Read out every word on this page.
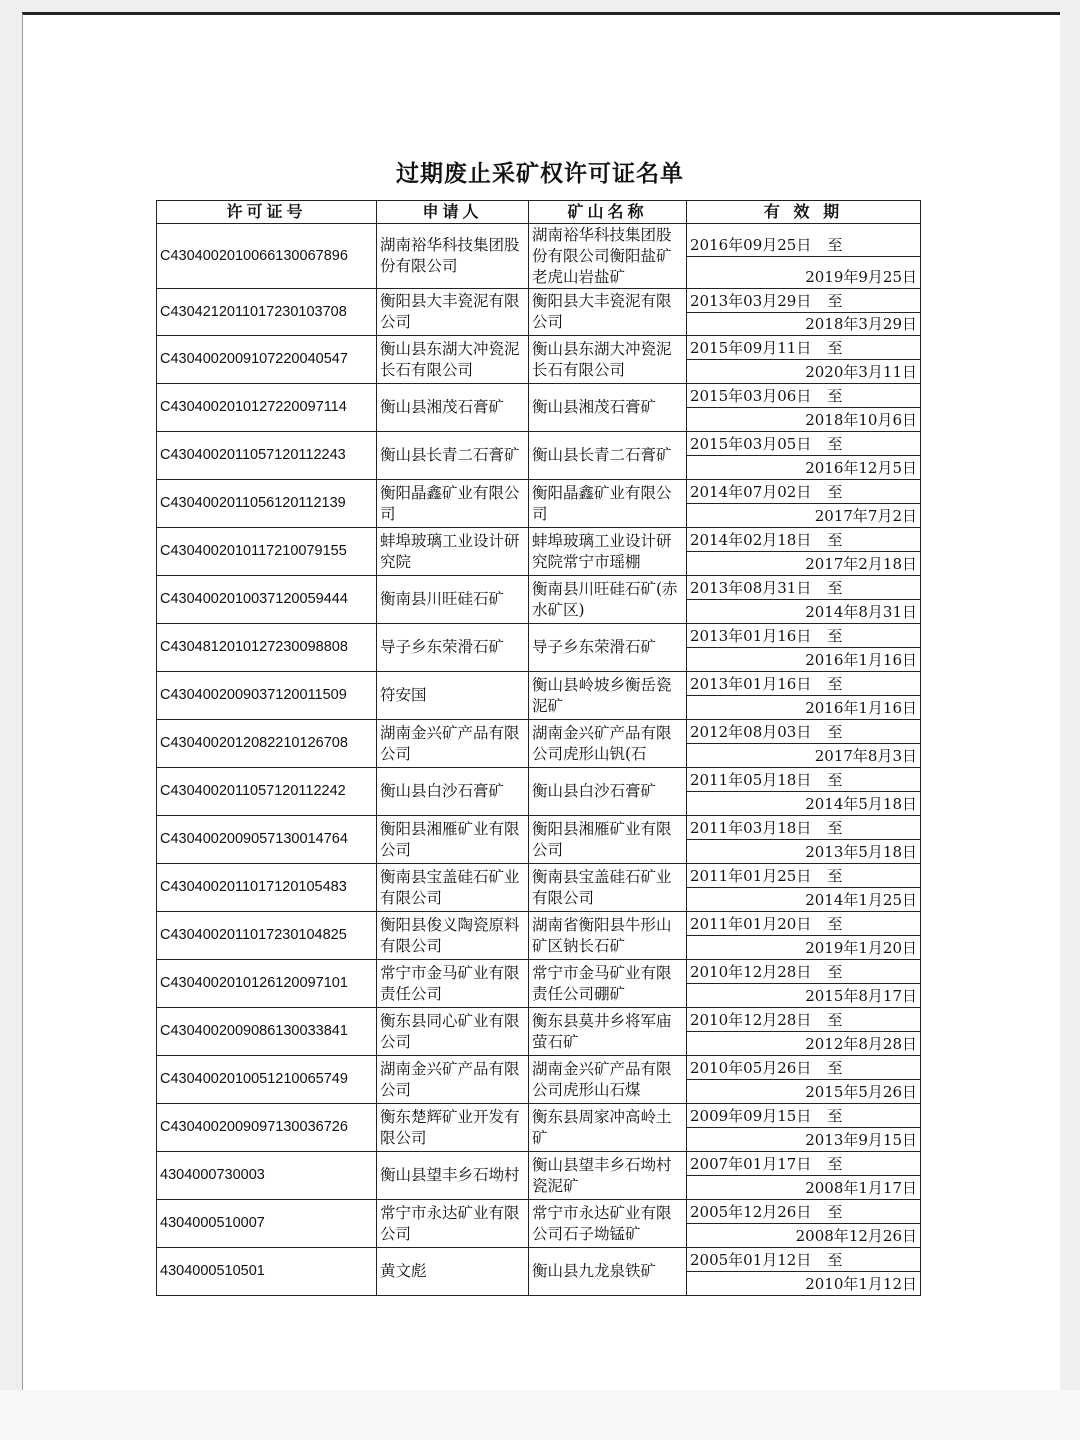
过期废止采矿权许可证名单
许可证号	申请人	矿山名称	有 效 期
C4304002010066130067896	湖南裕华科技集团股份有限公司	湖南裕华科技集团股份有限公司衡阳盐矿老虎山岩盐矿	2016年09月25日 至
2019年9月25日

C4304212011017230103708	衡阳县大丰瓷泥有限公司	衡阳县大丰瓷泥有限公司	2013年03月29日 至
2018年3月29日

C4304002009107220040547	衡山县东湖大冲瓷泥长石有限公司	衡山县东湖大冲瓷泥长石有限公司	2015年09月11日 至
2020年3月11日

C4304002010127220097114	衡山县湘茂石膏矿	衡山县湘茂石膏矿	2015年03月06日 至
2018年10月6日

C4304002011057120112243	衡山县长青二石膏矿	衡山县长青二石膏矿	2015年03月05日 至
2016年12月5日

C4304002011056120112139	衡阳晶鑫矿业有限公司	衡阳晶鑫矿业有限公司	2014年07月02日 至
2017年7月2日

C4304002010117210079155	蚌埠玻璃工业设计研究院	蚌埠玻璃工业设计研究院常宁市瑶棚	2014年02月18日 至
2017年2月18日

C4304002010037120059444	衡南县川旺硅石矿	衡南县川旺硅石矿(赤水矿区)	2013年08月31日 至
2014年8月31日

C4304812010127230098808	导子乡东荣滑石矿	导子乡东荣滑石矿	2013年01月16日 至
2016年1月16日

C4304002009037120011509	符安国	衡山县岭坡乡衡岳瓷泥矿	2013年01月16日 至
2016年1月16日

C4304002012082210126708	湖南金兴矿产品有限公司	湖南金兴矿产品有限公司虎形山钒(石	2012年08月03日 至
2017年8月3日

C4304002011057120112242	衡山县白沙石膏矿	衡山县白沙石膏矿	2011年05月18日 至
2014年5月18日

C4304002009057130014764	衡阳县湘雁矿业有限公司	衡阳县湘雁矿业有限公司	2011年03月18日 至
2013年5月18日

C4304002011017120105483	衡南县宝盖硅石矿业有限公司	衡南县宝盖硅石矿业有限公司	2011年01月25日 至
2014年1月25日

C4304002011017230104825	衡阳县俊义陶瓷原料有限公司	湖南省衡阳县牛形山矿区钠长石矿	2011年01月20日 至
2019年1月20日

C4304002010126120097101	常宁市金马矿业有限责任公司	常宁市金马矿业有限责任公司硼矿	2010年12月28日 至
2015年8月17日

C4304002009086130033841	衡东县同心矿业有限公司	衡东县莫井乡将军庙萤石矿	2010年12月28日 至
2012年8月28日

C4304002010051210065749	湖南金兴矿产品有限公司	湖南金兴矿产品有限公司虎形山石煤	2010年05月26日 至
2015年5月26日

C4304002009097130036726	衡东楚辉矿业开发有限公司	衡东县周家冲高岭土矿	2009年09月15日 至
2013年9月15日

4304000730003	衡山县望丰乡石坳村	衡山县望丰乡石坳村瓷泥矿	2007年01月17日 至
2008年1月17日

4304000510007	常宁市永达矿业有限公司	常宁市永达矿业有限公司石子坳锰矿	2005年12月26日 至
2008年12月26日

4304000510501	黄文彪	衡山县九龙泉铁矿	2005年01月12日 至
2010年1月12日
